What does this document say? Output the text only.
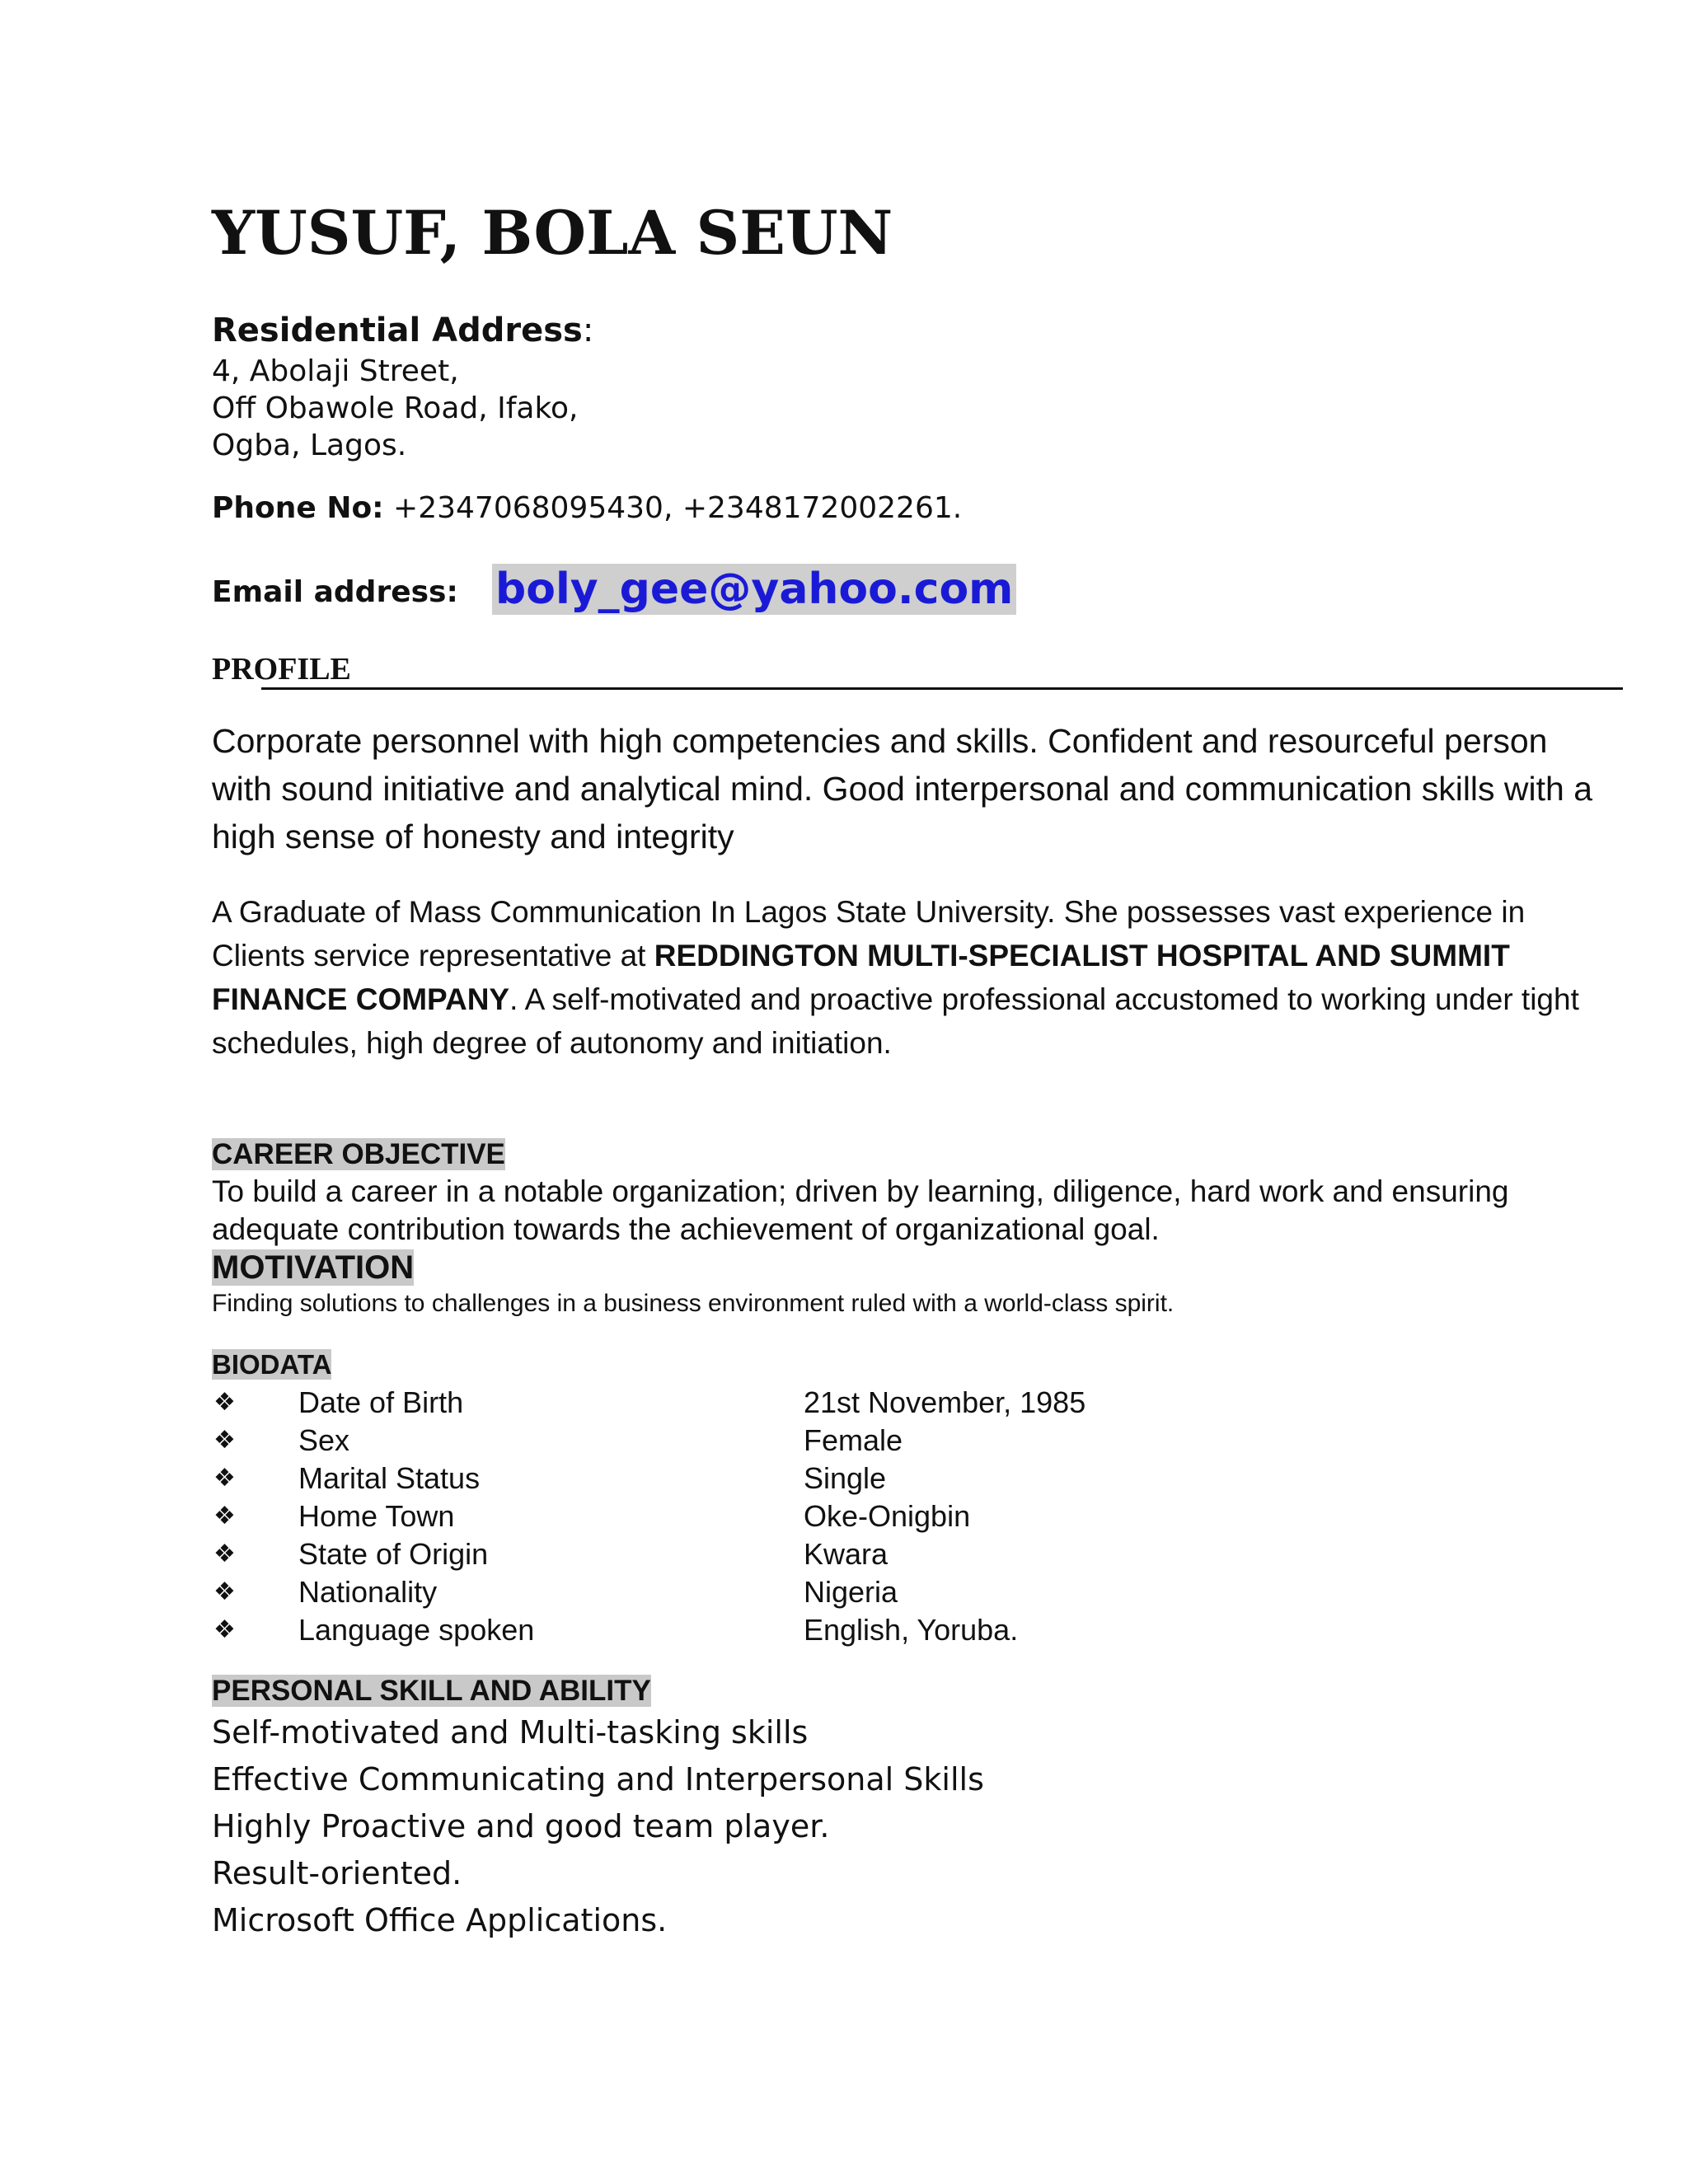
YUSUF, BOLA SEUN
Residential Address:
4, Abolaji Street,
Off Obawole Road, Ifako,
Ogba, Lagos.
Phone No: +2347068095430, +2348172002261.
Email address: boly_gee@yahoo.com
PROFILE
Corporate personnel with high competencies and skills. Confident and resourceful person with sound initiative and analytical mind. Good interpersonal and communication skills with a high sense of honesty and integrity
A Graduate of Mass Communication In Lagos State University. She possesses vast experience in Clients service representative at REDDINGTON MULTI-SPECIALIST HOSPITAL AND SUMMIT FINANCE COMPANY. A self-motivated and proactive professional accustomed to working under tight schedules, high degree of autonomy and initiation.
CAREER OBJECTIVE
To build a career in a notable organization; driven by learning, diligence, hard work and ensuring adequate contribution towards the achievement of organizational goal.
MOTIVATION
Finding solutions to challenges in a business environment ruled with a world-class spirit.
BIODATA
❖ Date of Birth	21st November, 1985
❖ Sex	Female
❖ Marital Status	Single
❖ Home Town	Oke-Onigbin
❖ State of Origin	Kwara
❖ Nationality	Nigeria
❖ Language spoken	English, Yoruba.
PERSONAL SKILL AND ABILITY
Self-motivated and Multi-tasking skills
Effective Communicating and Interpersonal Skills
Highly Proactive and good team player.
Result-oriented.
Microsoft Office Applications.
